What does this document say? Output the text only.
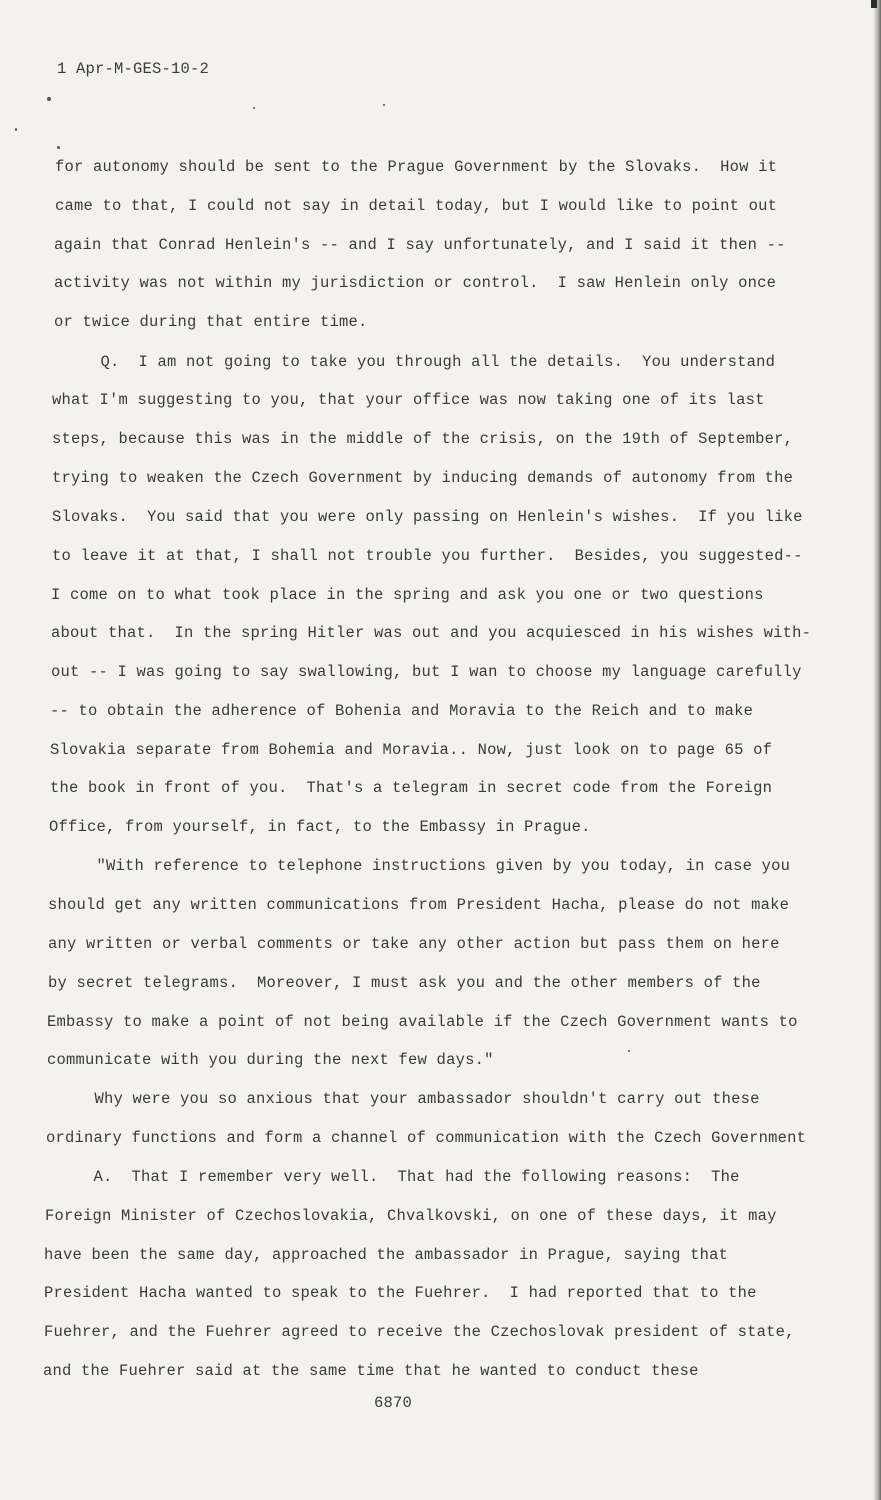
1 Apr-M-GES-10-2
for autonomy should be sent to the Prague Government by the Slovaks.  How it
came to that, I could not say in detail today, but I would like to point out
again that Conrad Henlein's -- and I say unfortunately, and I said it then --
activity was not within my jurisdiction or control.  I saw Henlein only once
or twice during that entire time.
Q.  I am not going to take you through all the details.  You understand
what I'm suggesting to you, that your office was now taking one of its last
steps, because this was in the middle of the crisis, on the 19th of September,
trying to weaken the Czech Government by inducing demands of autonomy from the
Slovaks.  You said that you were only passing on Henlein's wishes.  If you like
to leave it at that, I shall not trouble you further.  Besides, you suggested--
I come on to what took place in the spring and ask you one or two questions
about that.  In the spring Hitler was out and you acquiesced in his wishes with-
out -- I was going to say swallowing, but I wan to choose my language carefully
-- to obtain the adherence of Bohenia and Moravia to the Reich and to make
Slovakia separate from Bohemia and Moravia.. Now, just look on to page 65 of
the book in front of you.  That's a telegram in secret code from the Foreign
Office, from yourself, in fact, to the Embassy in Prague.
"With reference to telephone instructions given by you today, in case you
should get any written communications from President Hacha, please do not make
any written or verbal comments or take any other action but pass them on here
by secret telegrams.  Moreover, I must ask you and the other members of the
Embassy to make a point of not being available if the Czech Government wants to
communicate with you during the next few days."
Why were you so anxious that your ambassador shouldn't carry out these
ordinary functions and form a channel of communication with the Czech Government
A.  That I remember very well.  That had the following reasons:  The
Foreign Minister of Czechoslovakia, Chvalkovski, on one of these days, it may
have been the same day, approached the ambassador in Prague, saying that
President Hacha wanted to speak to the Fuehrer.  I had reported that to the
Fuehrer, and the Fuehrer agreed to receive the Czechoslovak president of state,
and the Fuehrer said at the same time that he wanted to conduct these
6870
